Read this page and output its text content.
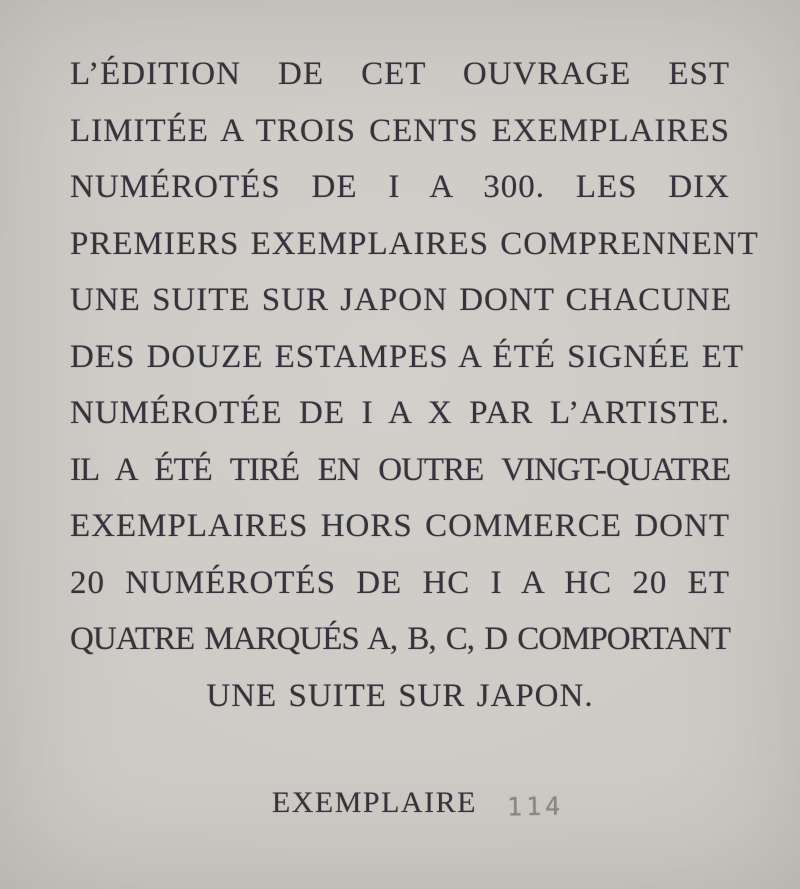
L’ÉDITION DE CET OUVRAGE EST
LIMITÉE A TROIS CENTS EXEMPLAIRES
NUMÉROTÉS DE I A 300. LES DIX
PREMIERS EXEMPLAIRES COMPRENNENT
UNE SUITE SUR JAPON DONT CHACUNE
DES DOUZE ESTAMPES A ÉTÉ SIGNÉE ET
NUMÉROTÉE DE I A X PAR L’ARTISTE.
IL A ÉTÉ TIRÉ EN OUTRE VINGT-QUATRE
EXEMPLAIRES HORS COMMERCE DONT
20 NUMÉROTÉS DE HC I A HC 20 ET
QUATRE MARQUÉS A, B, C, D COMPORTANT
UNE SUITE SUR JAPON.
EXEMPLAIRE 114
